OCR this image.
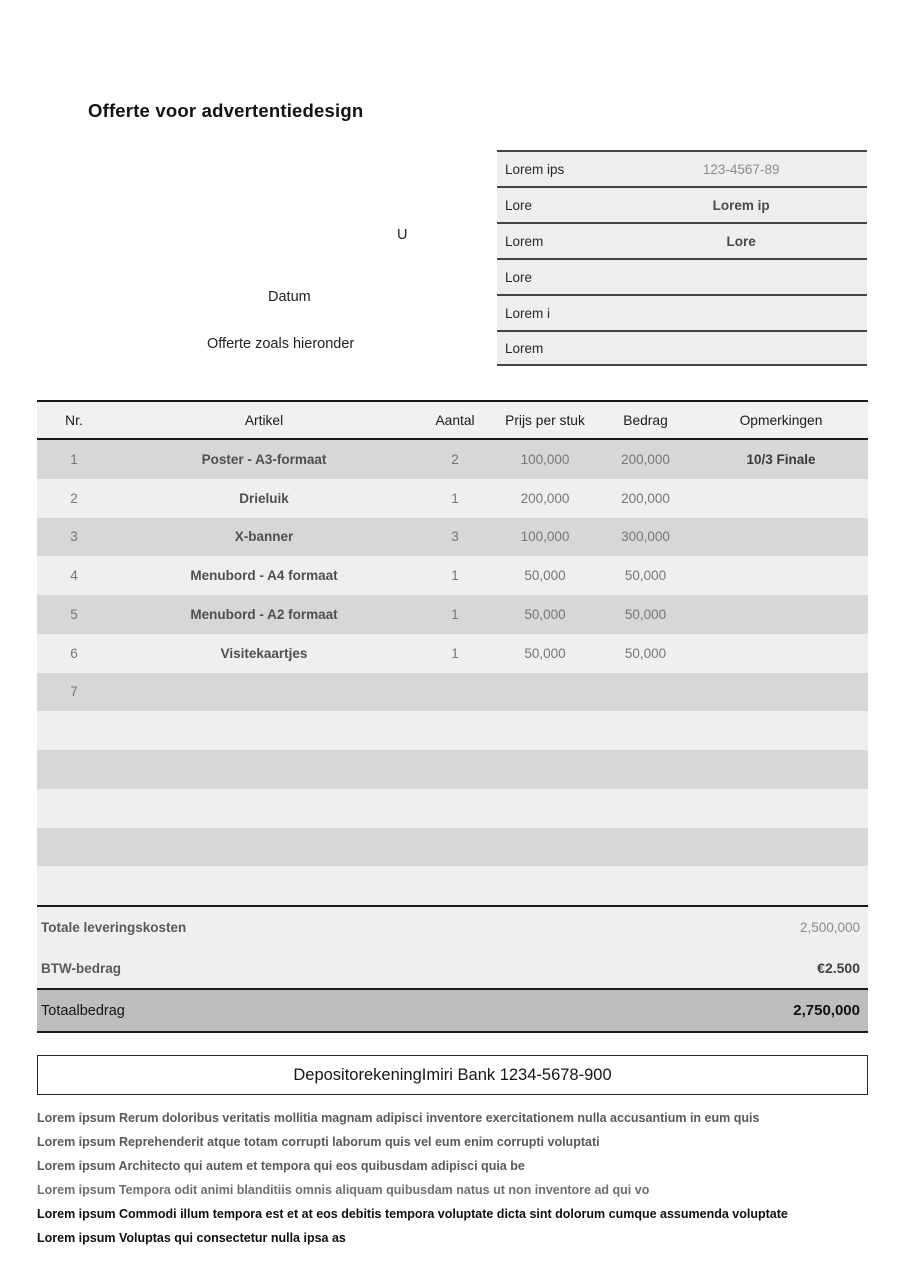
Offerte voor advertentiedesign
U
Datum
Offerte zoals hieronder
Lorem ips	123-4567-89
Lore	Lorem ip
Lorem	Lore
Lore
Lorem i
Lorem
Nr.	Artikel	Aantal	Prijs per stuk	Bedrag	Opmerkingen
1	Poster - A3-formaat	2	100,000	200,000	10/3 Finale
2	Drieluik	1	200,000	200,000
3	X-banner	3	100,000	300,000
4	Menubord - A4 formaat	1	50,000	50,000
5	Menubord - A2 formaat	1	50,000	50,000
6	Visitekaartjes	1	50,000	50,000
7
Totale leveringskosten	2,500,000
BTW-bedrag	€2.500
Totaalbedrag	2,750,000
DepositorekeningImiri Bank 1234-5678-900
Lorem ipsum Rerum doloribus veritatis mollitia magnam adipisci inventore exercitationem nulla accusantium in eum quis
Lorem ipsum Reprehenderit atque totam corrupti laborum quis vel eum enim corrupti voluptati
Lorem ipsum Architecto qui autem et tempora qui eos quibusdam adipisci quia be
Lorem ipsum Tempora odit animi blanditiis omnis aliquam quibusdam natus ut non inventore ad qui vo
Lorem ipsum Commodi illum tempora est et at eos debitis tempora voluptate dicta sint dolorum cumque assumenda voluptate
Lorem ipsum Voluptas qui consectetur nulla ipsa as
